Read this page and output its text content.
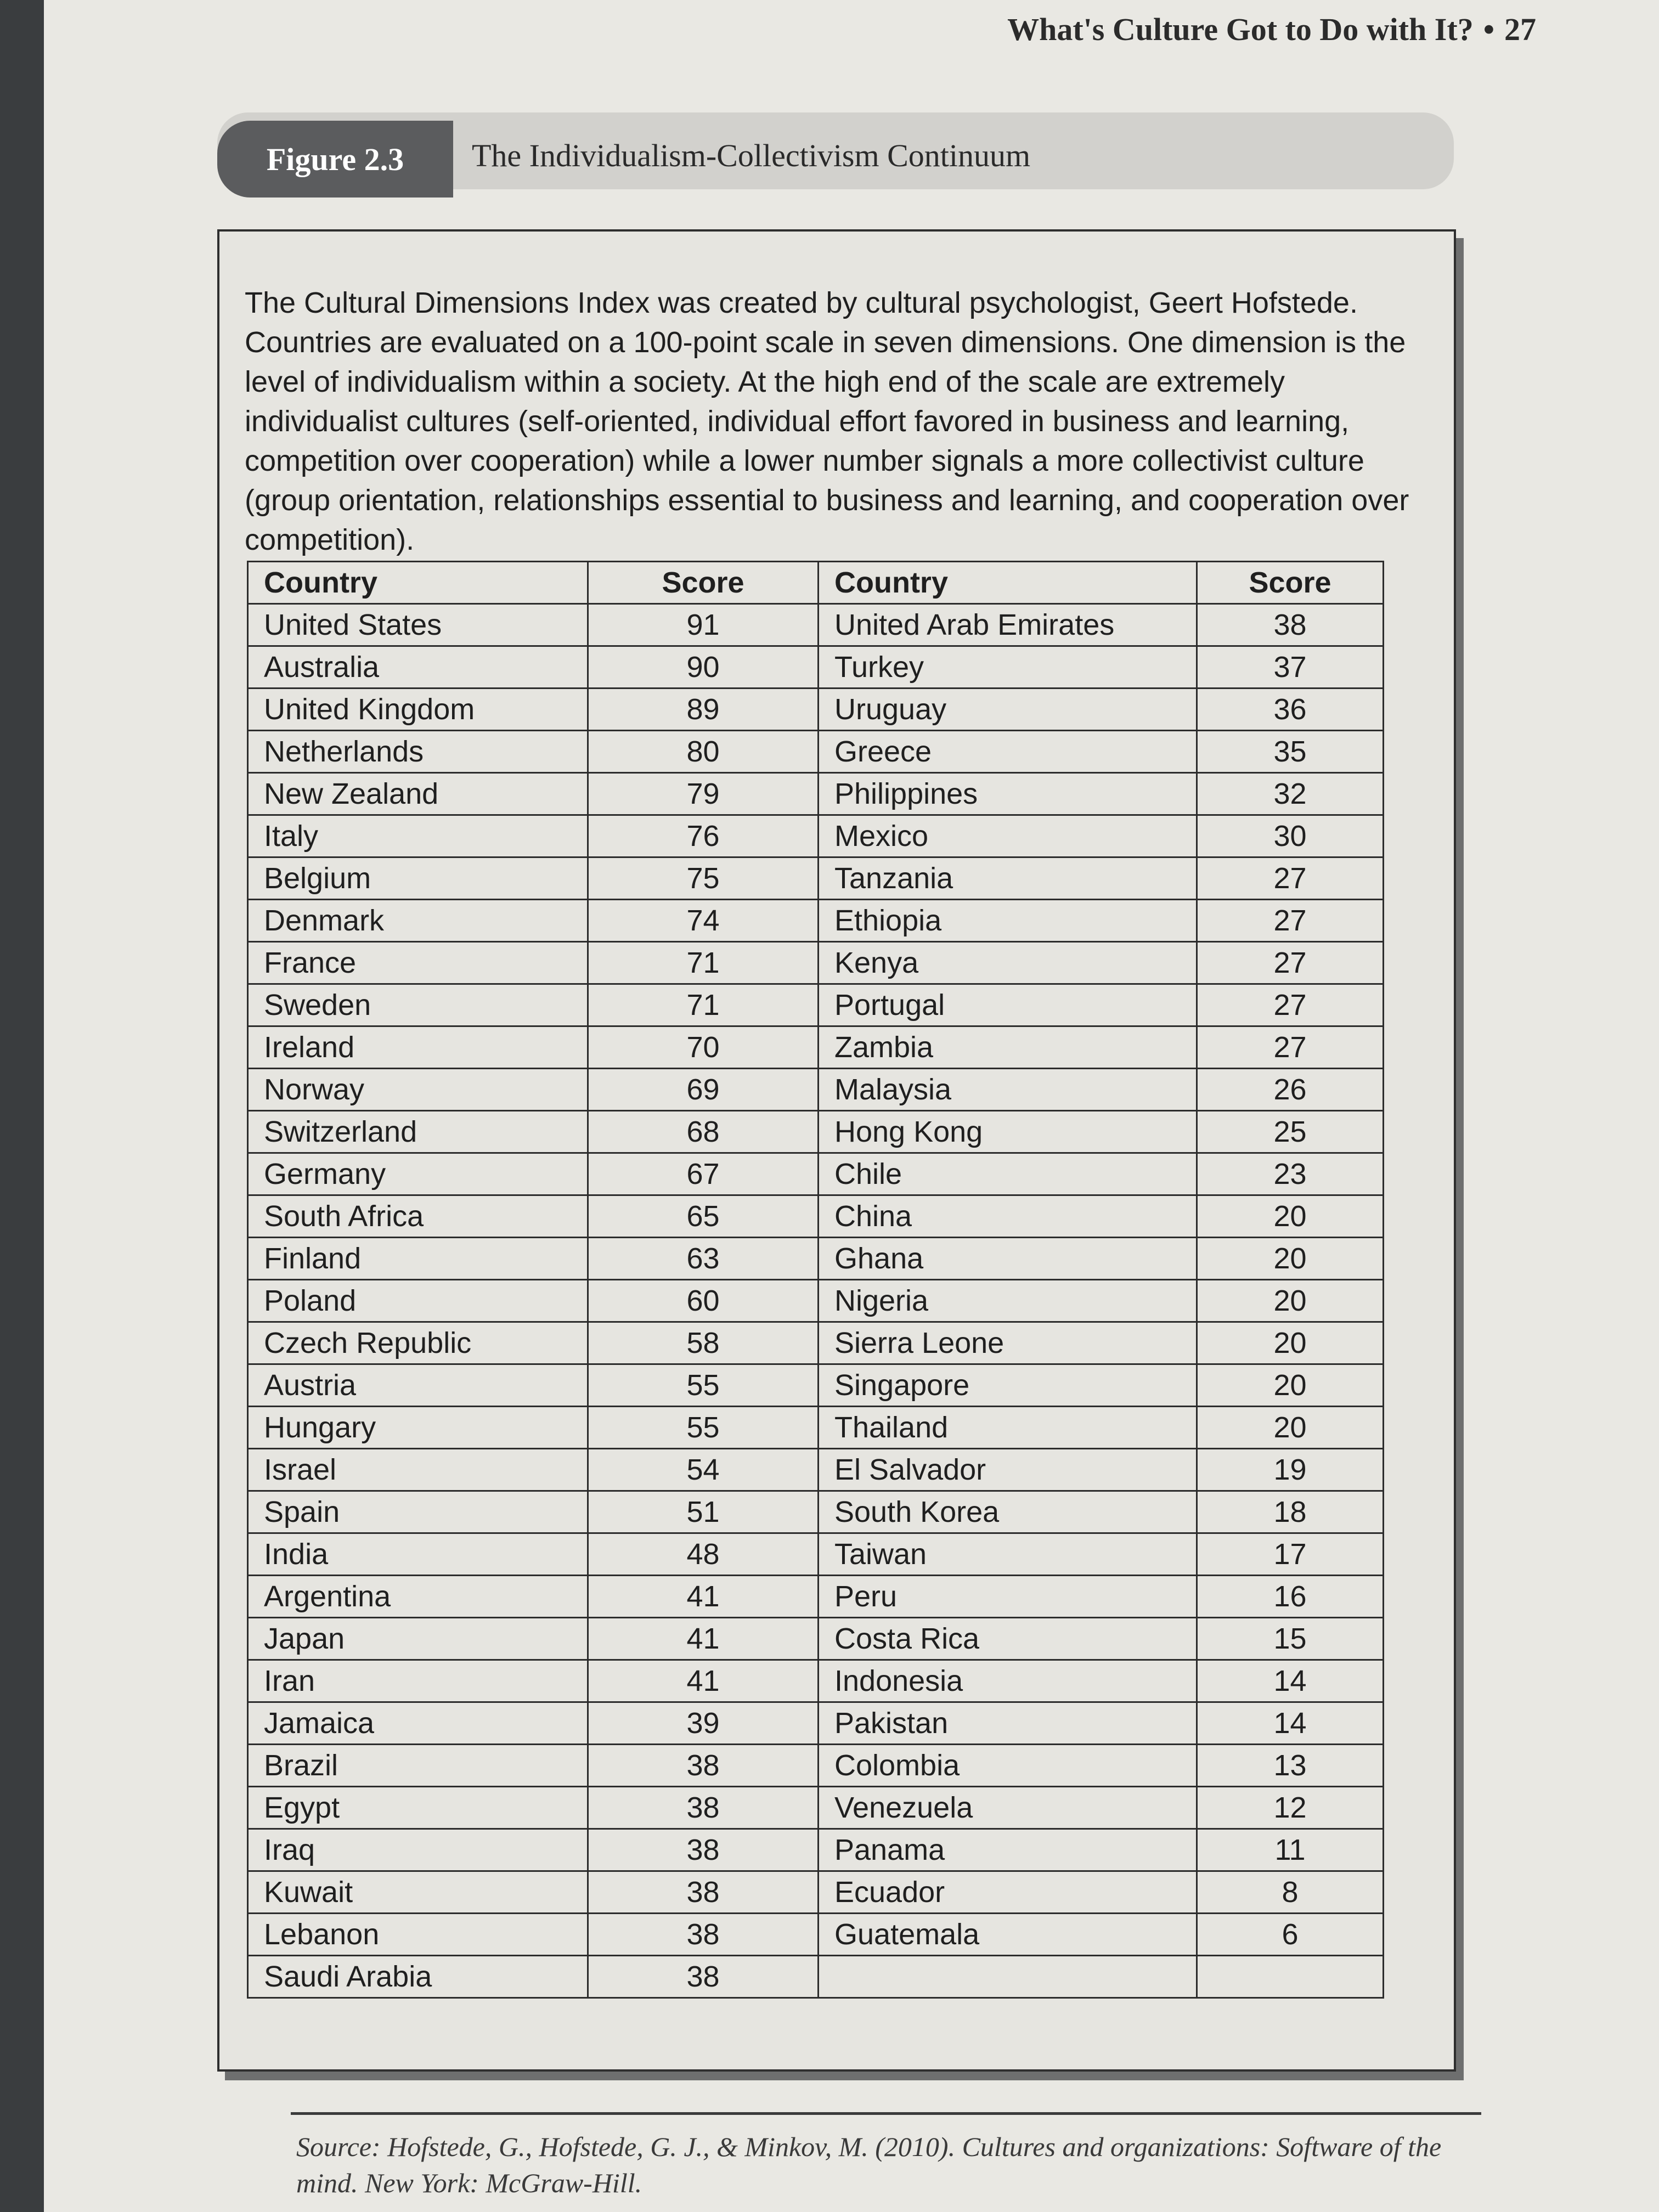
What's Culture Got to Do with It? • 27
Figure 2.3 The Individualism-Collectivism Continuum

The Cultural Dimensions Index was created by cultural psychologist, Geert Hofstede. Countries are evaluated on a 100-point scale in seven dimensions. One dimension is the level of individualism within a society. At the high end of the scale are extremely individualist cultures (self-oriented, individual effort favored in business and learning, competition over cooperation) while a lower number signals a more collectivist culture (group orientation, relationships essential to business and learning, and cooperation over competition).

Country	Score	Country	Score
United States	91	United Arab Emirates	38
Australia	90	Turkey	37
United Kingdom	89	Uruguay	36
Netherlands	80	Greece	35
New Zealand	79	Philippines	32
Italy	76	Mexico	30
Belgium	75	Tanzania	27
Denmark	74	Ethiopia	27
France	71	Kenya	27
Sweden	71	Portugal	27
Ireland	70	Zambia	27
Norway	69	Malaysia	26
Switzerland	68	Hong Kong	25
Germany	67	Chile	23
South Africa	65	China	20
Finland	63	Ghana	20
Poland	60	Nigeria	20
Czech Republic	58	Sierra Leone	20
Austria	55	Singapore	20
Hungary	55	Thailand	20
Israel	54	El Salvador	19
Spain	51	South Korea	18
India	48	Taiwan	17
Argentina	41	Peru	16
Japan	41	Costa Rica	15
Iran	41	Indonesia	14
Jamaica	39	Pakistan	14
Brazil	38	Colombia	13
Egypt	38	Venezuela	12
Iraq	38	Panama	11
Kuwait	38	Ecuador	8
Lebanon	38	Guatemala	6
Saudi Arabia	38		
Source: Hofstede, G., Hofstede, G. J., & Minkov, M. (2010). Cultures and organizations: Software of the mind. New York: McGraw-Hill.
